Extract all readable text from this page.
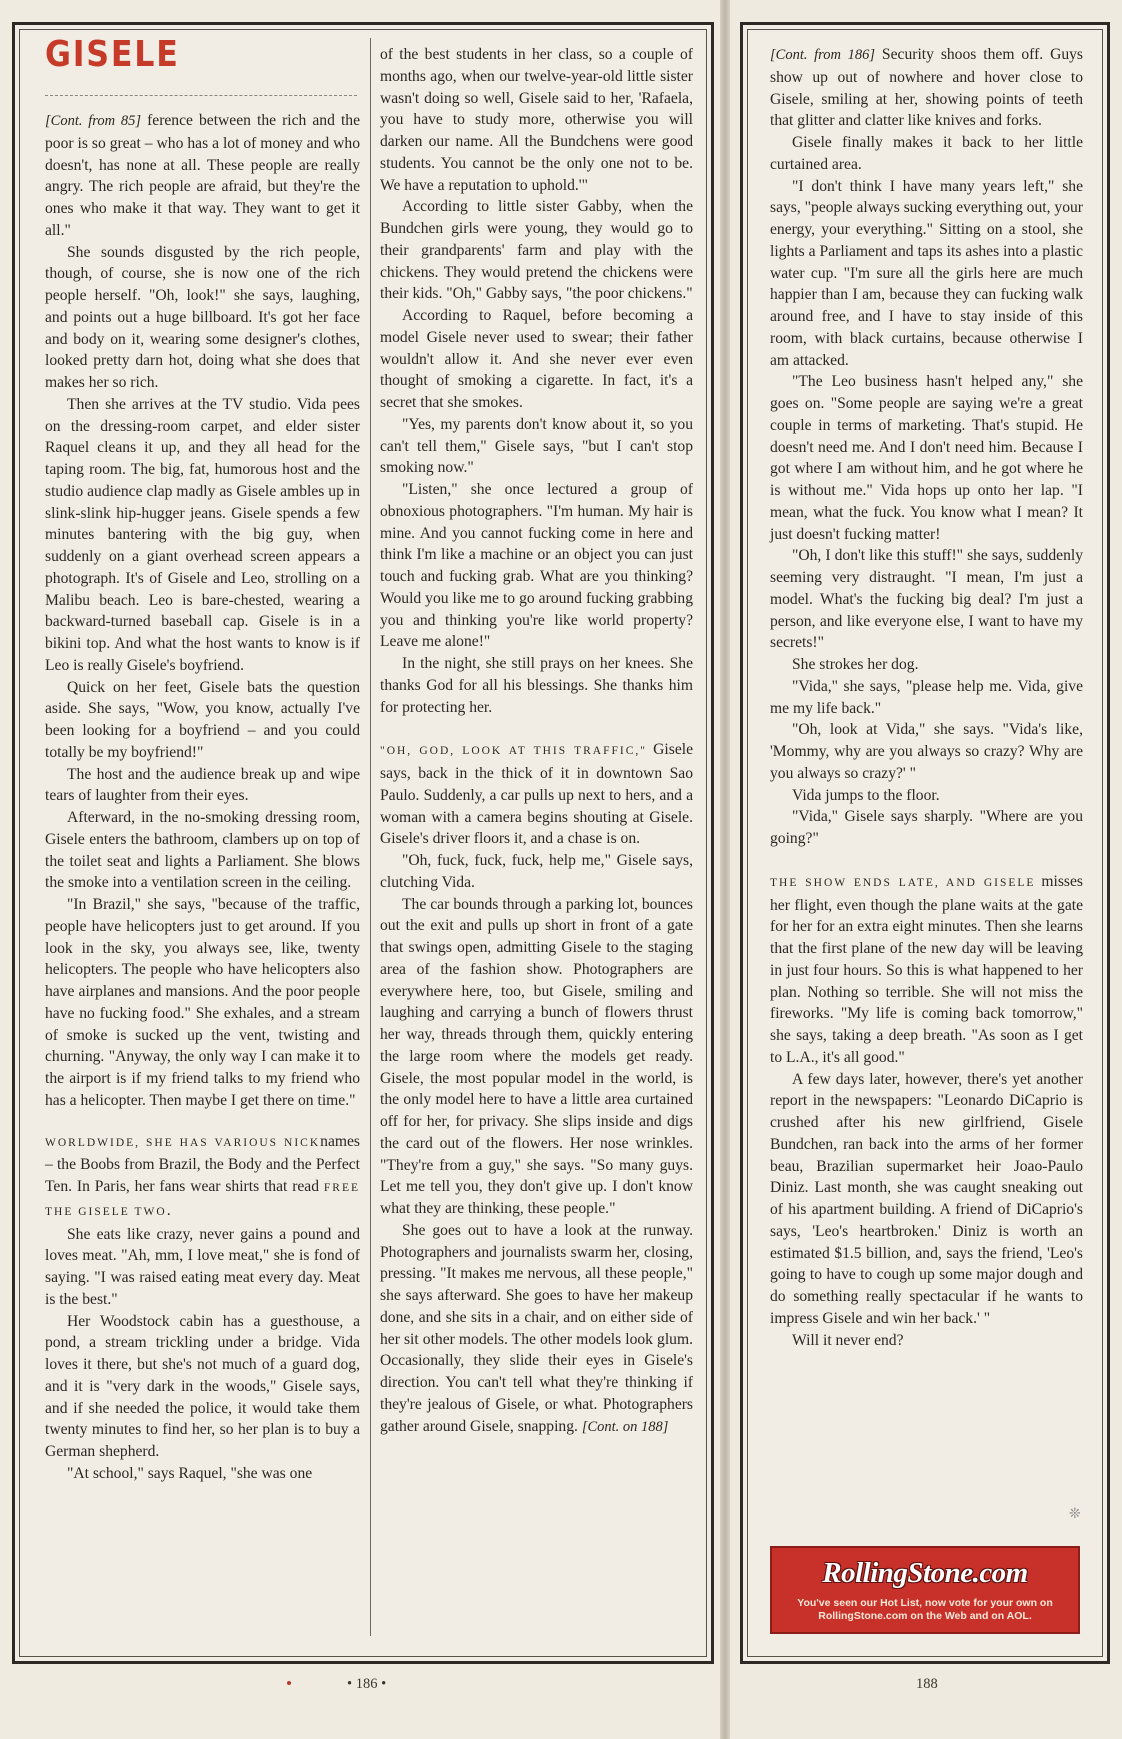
GISELE

[Cont. from 85] ference between the rich and the poor is so great – who has a lot of money and who doesn't, has none at all. These people are really angry. The rich people are afraid, but they're the ones who make it that way. They want to get it all."

She sounds disgusted by the rich people, though, of course, she is now one of the rich people herself. "Oh, look!" she says, laughing, and points out a huge billboard. It's got her face and body on it, wearing some designer's clothes, looked pretty darn hot, doing what she does that makes her so rich.

Then she arrives at the TV studio. Vida pees on the dressing-room carpet, and elder sister Raquel cleans it up, and they all head for the taping room. The big, fat, humorous host and the studio audience clap madly as Gisele ambles up in slink-slink hip-hugger jeans. Gisele spends a few minutes bantering with the big guy, when suddenly on a giant overhead screen appears a photograph. It's of Gisele and Leo, strolling on a Malibu beach. Leo is bare-chested, wearing a backward-turned baseball cap. Gisele is in a bikini top. And what the host wants to know is if Leo is really Gisele's boyfriend.

Quick on her feet, Gisele bats the question aside. She says, "Wow, you know, actually I've been looking for a boyfriend – and you could totally be my boyfriend!"

The host and the audience break up and wipe tears of laughter from their eyes.

Afterward, in the no-smoking dressing room, Gisele enters the bathroom, clambers up on top of the toilet seat and lights a Parliament. She blows the smoke into a ventilation screen in the ceiling.

"In Brazil," she says, "because of the traffic, people have helicopters just to get around. If you look in the sky, you always see, like, twenty helicopters. The people who have helicopters also have airplanes and mansions. And the poor people have no fucking food." She exhales, and a stream of smoke is sucked up the vent, twisting and churning. "Anyway, the only way I can make it to the airport is if my friend talks to my friend who has a helicopter. Then maybe I get there on time."

WORLDWIDE, SHE HAS VARIOUS NICKnames – the Boobs from Brazil, the Body and the Perfect Ten. In Paris, her fans wear shirts that read FREE THE GISELE TWO.

She eats like crazy, never gains a pound and loves meat. "Ah, mm, I love meat," she is fond of saying. "I was raised eating meat every day. Meat is the best."

Her Woodstock cabin has a guesthouse, a pond, a stream trickling under a bridge. Vida loves it there, but she's not much of a guard dog, and it is "very dark in the woods," Gisele says, and if she needed the police, it would take them twenty minutes to find her, so her plan is to buy a German shepherd.

"At school," says Raquel, "she was one

of the best students in her class, so a couple of months ago, when our twelve-year-old little sister wasn't doing so well, Gisele said to her, 'Rafaela, you have to study more, otherwise you will darken our name. All the Bundchens were good students. You cannot be the only one not to be. We have a reputation to uphold.'"

According to little sister Gabby, when the Bundchen girls were young, they would go to their grandparents' farm and play with the chickens. They would pretend the chickens were their kids. "Oh," Gabby says, "the poor chickens."

According to Raquel, before becoming a model Gisele never used to swear; their father wouldn't allow it. And she never ever even thought of smoking a cigarette. In fact, it's a secret that she smokes.

"Yes, my parents don't know about it, so you can't tell them," Gisele says, "but I can't stop smoking now."

"Listen," she once lectured a group of obnoxious photographers. "I'm human. My hair is mine. And you cannot fucking come in here and think I'm like a machine or an object you can just touch and fucking grab. What are you thinking? Would you like me to go around fucking grabbing you and thinking you're like world property? Leave me alone!"

In the night, she still prays on her knees. She thanks God for all his blessings. She thanks him for protecting her.

"OH, GOD, LOOK AT THIS TRAFFIC," Gisele says, back in the thick of it in downtown Sao Paulo. Suddenly, a car pulls up next to hers, and a woman with a camera begins shouting at Gisele. Gisele's driver floors it, and a chase is on.

"Oh, fuck, fuck, fuck, help me," Gisele says, clutching Vida.

The car bounds through a parking lot, bounces out the exit and pulls up short in front of a gate that swings open, admitting Gisele to the staging area of the fashion show. Photographers are everywhere here, too, but Gisele, smiling and laughing and carrying a bunch of flowers thrust her way, threads through them, quickly entering the large room where the models get ready. Gisele, the most popular model in the world, is the only model here to have a little area curtained off for her, for privacy. She slips inside and digs the card out of the flowers. Her nose wrinkles. "They're from a guy," she says. "So many guys. Let me tell you, they don't give up. I don't know what they are thinking, these people."

She goes out to have a look at the runway. Photographers and journalists swarm her, closing, pressing. "It makes me nervous, all these people," she says afterward. She goes to have her makeup done, and she sits in a chair, and on either side of her sit other models. The other models look glum. Occasionally, they slide their eyes in Gisele's direction. You can't tell what they're thinking if they're jealous of Gisele, or what. Photographers gather around Gisele, snapping. [Cont. on 188]

[Cont. from 186] Security shoos them off. Guys show up out of nowhere and hover close to Gisele, smiling at her, showing points of teeth that glitter and clatter like knives and forks.

Gisele finally makes it back to her little curtained area.

"I don't think I have many years left," she says, "people always sucking everything out, your energy, your everything." Sitting on a stool, she lights a Parliament and taps its ashes into a plastic water cup. "I'm sure all the girls here are much happier than I am, because they can fucking walk around free, and I have to stay inside of this room, with black curtains, because otherwise I am attacked.

"The Leo business hasn't helped any," she goes on. "Some people are saying we're a great couple in terms of marketing. That's stupid. He doesn't need me. And I don't need him. Because I got where I am without him, and he got where he is without me." Vida hops up onto her lap. "I mean, what the fuck. You know what I mean? It just doesn't fucking matter!

"Oh, I don't like this stuff!" she says, suddenly seeming very distraught. "I mean, I'm just a model. What's the fucking big deal? I'm just a person, and like everyone else, I want to have my secrets!"

She strokes her dog.

"Vida," she says, "please help me. Vida, give me my life back."

"Oh, look at Vida," she says. "Vida's like, 'Mommy, why are you always so crazy? Why are you always so crazy?' "

Vida jumps to the floor.

"Vida," Gisele says sharply. "Where are you going?"

THE SHOW ENDS LATE, AND GISELE misses her flight, even though the plane waits at the gate for her for an extra eight minutes. Then she learns that the first plane of the new day will be leaving in just four hours. So this is what happened to her plan. Nothing so terrible. She will not miss the fireworks. "My life is coming back tomorrow," she says, taking a deep breath. "As soon as I get to L.A., it's all good."

A few days later, however, there's yet another report in the newspapers: "Leonardo DiCaprio is crushed after his new girlfriend, Gisele Bundchen, ran back into the arms of her former beau, Brazilian supermarket heir Joao-Paulo Diniz. Last month, she was caught sneaking out of his apartment building. A friend of DiCaprio's says, 'Leo's heartbroken.' Diniz is worth an estimated $1.5 billion, and, says the friend, 'Leo's going to have to cough up some major dough and do something really spectacular if he wants to impress Gisele and win her back.' "

Will it never end?

❊
RollingStone.com
You've seen our Hot List, now vote for your own on RollingStone.com on the Web and on AOL.
• 186 •	188
